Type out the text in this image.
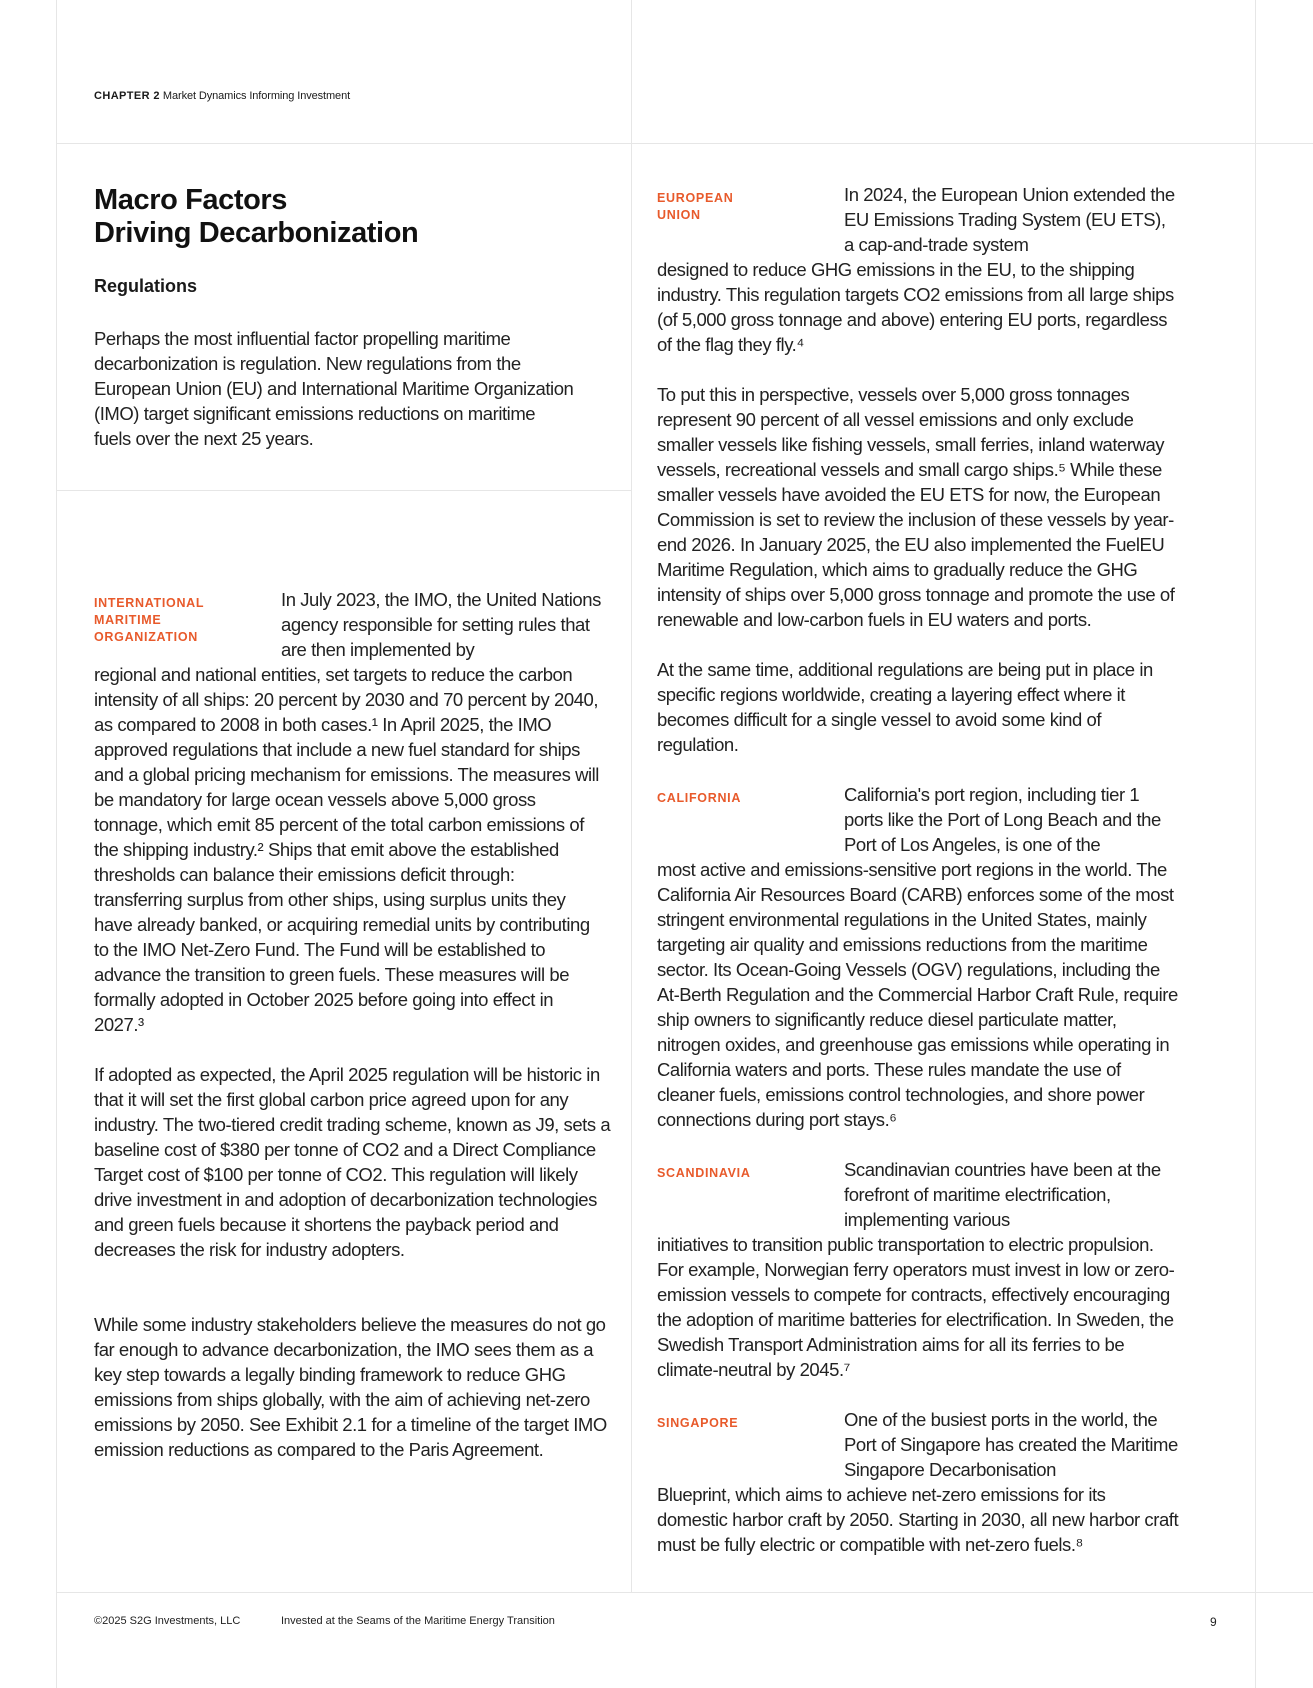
CHAPTER 2 Market Dynamics Informing Investment
Macro Factors
Driving Decarbonization
Regulations

Perhaps the most influential factor propelling maritime decarbonization is regulation. New regulations from the European Union (EU) and International Maritime Organization (IMO) target significant emissions reductions on maritime fuels over the next 25 years.

INTERNATIONAL
MARITIME
ORGANIZATION

In July 2023, the IMO, the United Nations agency responsible for setting rules that are then implemented by
regional and national entities, set targets to reduce the carbon intensity of all ships: 20 percent by 2030 and 70 percent by 2040, as compared to 2008 in both cases.¹ In April 2025, the IMO approved regulations that include a new fuel standard for ships and a global pricing mechanism for emissions. The measures will be mandatory for large ocean vessels above 5,000 gross tonnage, which emit 85 percent of the total carbon emissions of the shipping industry.² Ships that emit above the established thresholds can balance their emissions deficit through: transferring surplus from other ships, using surplus units they have already banked, or acquiring remedial units by contributing to the IMO Net-Zero Fund. The Fund will be established to advance the transition to green fuels. These measures will be formally adopted in October 2025 before going into effect in 2027.³

If adopted as expected, the April 2025 regulation will be historic in that it will set the first global carbon price agreed upon for any industry. The two-tiered credit trading scheme, known as J9, sets a baseline cost of $380 per tonne of CO2 and a Direct Compliance Target cost of $100 per tonne of CO2. This regulation will likely drive investment in and adoption of decarbonization technologies and green fuels because it shortens the payback period and decreases the risk for industry adopters.

While some industry stakeholders believe the measures do not go far enough to advance decarbonization, the IMO sees them as a key step towards a legally binding framework to reduce GHG emissions from ships globally, with the aim of achieving net-zero emissions by 2050. See Exhibit 2.1 for a timeline of the target IMO emission reductions as compared to the Paris Agreement.

EUROPEAN
UNION

In 2024, the European Union extended the EU Emissions Trading System (EU ETS), a cap-and-trade system
designed to reduce GHG emissions in the EU, to the shipping industry. This regulation targets CO2 emissions from all large ships (of 5,000 gross tonnage and above) entering EU ports, regardless of the flag they fly.⁴

To put this in perspective, vessels over 5,000 gross tonnages represent 90 percent of all vessel emissions and only exclude smaller vessels like fishing vessels, small ferries, inland waterway vessels, recreational vessels and small cargo ships.⁵ While these smaller vessels have avoided the EU ETS for now, the European Commission is set to review the inclusion of these vessels by year-end 2026. In January 2025, the EU also implemented the FuelEU Maritime Regulation, which aims to gradually reduce the GHG intensity of ships over 5,000 gross tonnage and promote the use of renewable and low-carbon fuels in EU waters and ports.

At the same time, additional regulations are being put in place in specific regions worldwide, creating a layering effect where it becomes difficult for a single vessel to avoid some kind of regulation.

CALIFORNIA	California's port region, including tier 1 ports like the Port of Long Beach and the Port of Los Angeles, is one of the
most active and emissions-sensitive port regions in the world. The California Air Resources Board (CARB) enforces some of the most stringent environmental regulations in the United States, mainly targeting air quality and emissions reductions from the maritime sector. Its Ocean-Going Vessels (OGV) regulations, including the At-Berth Regulation and the Commercial Harbor Craft Rule, require ship owners to significantly reduce diesel particulate matter, nitrogen oxides, and greenhouse gas emissions while operating in California waters and ports. These rules mandate the use of cleaner fuels, emissions control technologies, and shore power connections during port stays.⁶

SCANDINAVIA	Scandinavian countries have been at the forefront of maritime electrification, implementing various
initiatives to transition public transportation to electric propulsion. For example, Norwegian ferry operators must invest in low or zero-emission vessels to compete for contracts, effectively encouraging the adoption of maritime batteries for electrification. In Sweden, the Swedish Transport Administration aims for all its ferries to be climate-neutral by 2045.⁷

SINGAPORE	One of the busiest ports in the world, the Port of Singapore has created the Maritime Singapore Decarbonisation
Blueprint, which aims to achieve net-zero emissions for its domestic harbor craft by 2050. Starting in 2030, all new harbor craft must be fully electric or compatible with net-zero fuels.⁸

©2025 S2G Investments, LLC	Invested at the Seams of the Maritime Energy Transition	9
